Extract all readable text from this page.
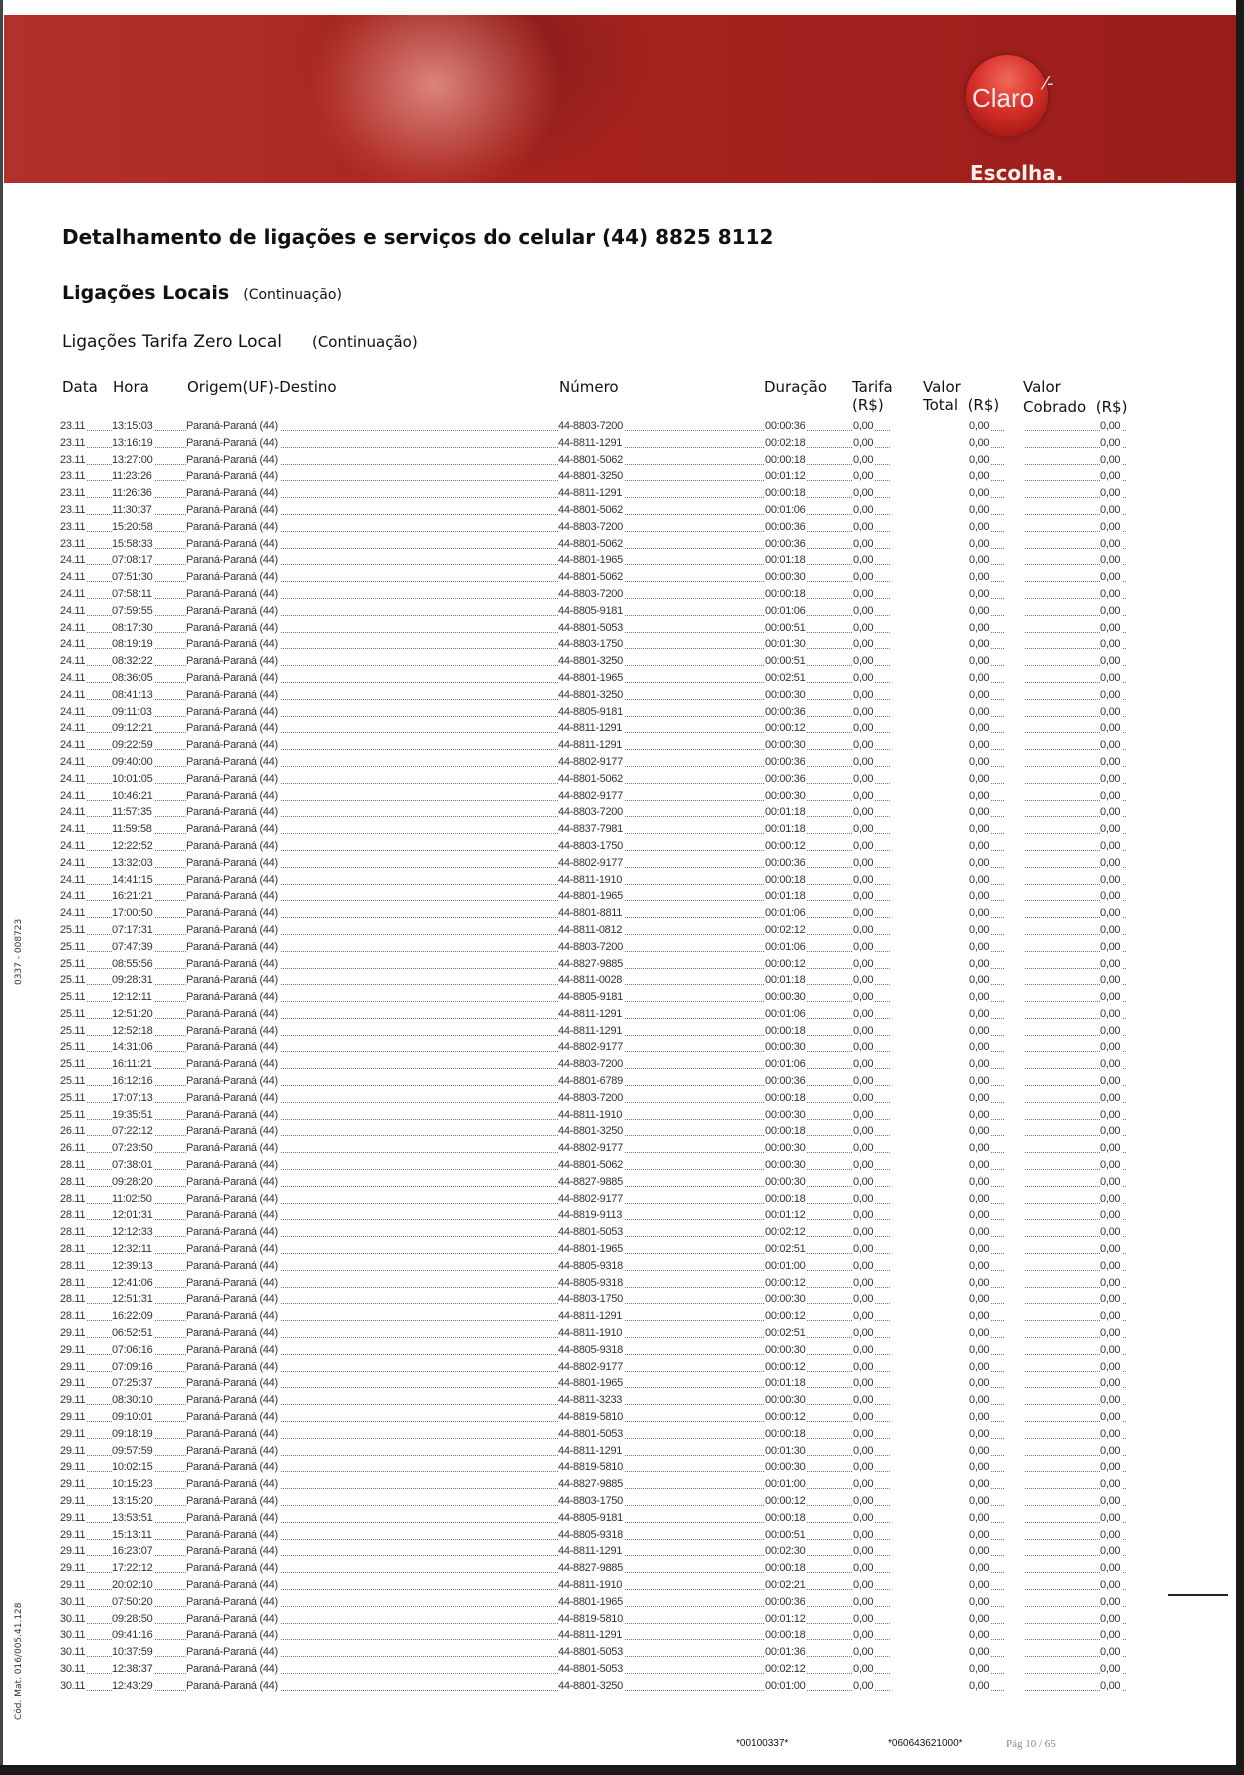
Claro ⁄-
Escolha.
Detalhamento de ligações e serviços do celular (44) 8825 8112
Ligações Locais (Continuação)
Ligações Tarifa Zero Local (Continuação)
Data Hora	Origem(UF)-Destino	Número	Duração Tarifa
(R$)
Valor
Total  (R$)
Valor
Cobrado  (R$)
23.11 13:15:03	Paraná-Paraná (44)	44-8803-7200	00:00:36	0,00	0,00	0,00
23.11 13:16:19	Paraná-Paraná (44)	44-8811-1291	00:02:18	0,00	0,00	0,00
23.11 13:27:00	Paraná-Paraná (44)	44-8801-5062	00:00:18	0,00	0,00	0,00
23.11 11:23:26	Paraná-Paraná (44)	44-8801-3250	00:01:12	0,00	0,00	0,00
23.11 11:26:36	Paraná-Paraná (44)	44-8811-1291	00:00:18	0,00	0,00	0,00
23.11 11:30:37	Paraná-Paraná (44)	44-8801-5062	00:01:06	0,00	0,00	0,00
23.11 15:20:58	Paraná-Paraná (44)	44-8803-7200	00:00:36	0,00	0,00	0,00
23.11 15:58:33	Paraná-Paraná (44)	44-8801-5062	00:00:36	0,00	0,00	0,00
24.11 07:08:17	Paraná-Paraná (44)	44-8801-1965	00:01:18	0,00	0,00	0,00
24.11 07:51:30	Paraná-Paraná (44)	44-8801-5062	00:00:30	0,00	0,00	0,00
24.11 07:58:11	Paraná-Paraná (44)	44-8803-7200	00:00:18	0,00	0,00	0,00
24.11 07:59:55	Paraná-Paraná (44)	44-8805-9181	00:01:06	0,00	0,00	0,00
24.11 08:17:30	Paraná-Paraná (44)	44-8801-5053	00:00:51	0,00	0,00	0,00
24.11 08:19:19	Paraná-Paraná (44)	44-8803-1750	00:01:30	0,00	0,00	0,00
24.11 08:32:22	Paraná-Paraná (44)	44-8801-3250	00:00:51	0,00	0,00	0,00
24.11 08:36:05	Paraná-Paraná (44)	44-8801-1965	00:02:51	0,00	0,00	0,00
24.11 08:41:13	Paraná-Paraná (44)	44-8801-3250	00:00:30	0,00	0,00	0,00
24.11 09:11:03	Paraná-Paraná (44)	44-8805-9181	00:00:36	0,00	0,00	0,00
24.11 09:12:21	Paraná-Paraná (44)	44-8811-1291	00:00:12	0,00	0,00	0,00
24.11 09:22:59	Paraná-Paraná (44)	44-8811-1291	00:00:30	0,00	0,00	0,00
24.11 09:40:00	Paraná-Paraná (44)	44-8802-9177	00:00:36	0,00	0,00	0,00
24.11 10:01:05	Paraná-Paraná (44)	44-8801-5062	00:00:36	0,00	0,00	0,00
24.11 10:46:21	Paraná-Paraná (44)	44-8802-9177	00:00:30	0,00	0,00	0,00
24.11 11:57:35	Paraná-Paraná (44)	44-8803-7200	00:01:18	0,00	0,00	0,00
24.11 11:59:58	Paraná-Paraná (44)	44-8837-7981	00:01:18	0,00	0,00	0,00
24.11 12:22:52	Paraná-Paraná (44)	44-8803-1750	00:00:12	0,00	0,00	0,00
24.11 13:32:03	Paraná-Paraná (44)	44-8802-9177	00:00:36	0,00	0,00	0,00
24.11 14:41:15	Paraná-Paraná (44)	44-8811-1910	00:00:18	0,00	0,00	0,00
24.11 16:21:21	Paraná-Paraná (44)	44-8801-1965	00:01:18	0,00	0,00	0,00
24.11 17:00:50	Paraná-Paraná (44)	44-8801-8811	00:01:06	0,00	0,00	0,00
25.11 07:17:31	Paraná-Paraná (44)	44-8811-0812	00:02:12	0,00	0,00	0,00
25.11 07:47:39	Paraná-Paraná (44)	44-8803-7200	00:01:06	0,00	0,00	0,00
25.11 08:55:56	Paraná-Paraná (44)	44-8827-9885	00:00:12	0,00	0,00	0,00
25.11 09:28:31	Paraná-Paraná (44)	44-8811-0028	00:01:18	0,00	0,00	0,00
25.11 12:12:11	Paraná-Paraná (44)	44-8805-9181	00:00:30	0,00	0,00	0,00
25.11 12:51:20	Paraná-Paraná (44)	44-8811-1291	00:01:06	0,00	0,00	0,00
25.11 12:52:18	Paraná-Paraná (44)	44-8811-1291	00:00:18	0,00	0,00	0,00
25.11 14:31:06	Paraná-Paraná (44)	44-8802-9177	00:00:30	0,00	0,00	0,00
25.11 16:11:21	Paraná-Paraná (44)	44-8803-7200	00:01:06	0,00	0,00	0,00
25.11 16:12:16	Paraná-Paraná (44)	44-8801-6789	00:00:36	0,00	0,00	0,00
25.11 17:07:13	Paraná-Paraná (44)	44-8803-7200	00:00:18	0,00	0,00	0,00
25.11 19:35:51	Paraná-Paraná (44)	44-8811-1910	00:00:30	0,00	0,00	0,00
26.11 07:22:12	Paraná-Paraná (44)	44-8801-3250	00:00:18	0,00	0,00	0,00
26.11 07:23:50	Paraná-Paraná (44)	44-8802-9177	00:00:30	0,00	0,00	0,00
28.11 07:38:01	Paraná-Paraná (44)	44-8801-5062	00:00:30	0,00	0,00	0,00
28.11 09:28:20	Paraná-Paraná (44)	44-8827-9885	00:00:30	0,00	0,00	0,00
28.11 11:02:50	Paraná-Paraná (44)	44-8802-9177	00:00:18	0,00	0,00	0,00
28.11 12:01:31	Paraná-Paraná (44)	44-8819-9113	00:01:12	0,00	0,00	0,00
28.11 12:12:33	Paraná-Paraná (44)	44-8801-5053	00:02:12	0,00	0,00	0,00
28.11 12:32:11	Paraná-Paraná (44)	44-8801-1965	00:02:51	0,00	0,00	0,00
28.11 12:39:13	Paraná-Paraná (44)	44-8805-9318	00:01:00	0,00	0,00	0,00
28.11 12:41:06	Paraná-Paraná (44)	44-8805-9318	00:00:12	0,00	0,00	0,00
28.11 12:51:31	Paraná-Paraná (44)	44-8803-1750	00:00:30	0,00	0,00	0,00
28.11 16:22:09	Paraná-Paraná (44)	44-8811-1291	00:00:12	0,00	0,00	0,00
29.11 06:52:51	Paraná-Paraná (44)	44-8811-1910	00:02:51	0,00	0,00	0,00
29.11 07:06:16	Paraná-Paraná (44)	44-8805-9318	00:00:30	0,00	0,00	0,00
29.11 07:09:16	Paraná-Paraná (44)	44-8802-9177	00:00:12	0,00	0,00	0,00
29.11 07:25:37	Paraná-Paraná (44)	44-8801-1965	00:01:18	0,00	0,00	0,00
29.11 08:30:10	Paraná-Paraná (44)	44-8811-3233	00:00:30	0,00	0,00	0,00
29.11 09:10:01	Paraná-Paraná (44)	44-8819-5810	00:00:12	0,00	0,00	0,00
29.11 09:18:19	Paraná-Paraná (44)	44-8801-5053	00:00:18	0,00	0,00	0,00
29.11 09:57:59	Paraná-Paraná (44)	44-8811-1291	00:01:30	0,00	0,00	0,00
29.11 10:02:15	Paraná-Paraná (44)	44-8819-5810	00:00:30	0,00	0,00	0,00
29.11 10:15:23	Paraná-Paraná (44)	44-8827-9885	00:01:00	0,00	0,00	0,00
29.11 13:15:20	Paraná-Paraná (44)	44-8803-1750	00:00:12	0,00	0,00	0,00
29.11 13:53:51	Paraná-Paraná (44)	44-8805-9181	00:00:18	0,00	0,00	0,00
29.11 15:13:11	Paraná-Paraná (44)	44-8805-9318	00:00:51	0,00	0,00	0,00
29.11 16:23:07	Paraná-Paraná (44)	44-8811-1291	00:02:30	0,00	0,00	0,00
29.11 17:22:12	Paraná-Paraná (44)	44-8827-9885	00:00:18	0,00	0,00	0,00
29.11 20:02:10	Paraná-Paraná (44)	44-8811-1910	00:02:21	0,00	0,00	0,00
30.11 07:50:20	Paraná-Paraná (44)	44-8801-1965	00:00:36	0,00	0,00	0,00
30.11 09:28:50	Paraná-Paraná (44)	44-8819-5810	00:01:12	0,00	0,00	0,00
30.11 09:41:16	Paraná-Paraná (44)	44-8811-1291	00:00:18	0,00	0,00	0,00
30.11 10:37:59	Paraná-Paraná (44)	44-8801-5053	00:01:36	0,00	0,00	0,00
30.11 12:38:37	Paraná-Paraná (44)	44-8801-5053	00:02:12	0,00	0,00	0,00
30.11 12:43:29	Paraná-Paraná (44)	44-8801-3250	00:01:00	0,00	0,00	0,00
0337 - 008723
Cód. Mat. 016/005.41.128
*00100337*	*060643621000*	Pág 10 / 65
